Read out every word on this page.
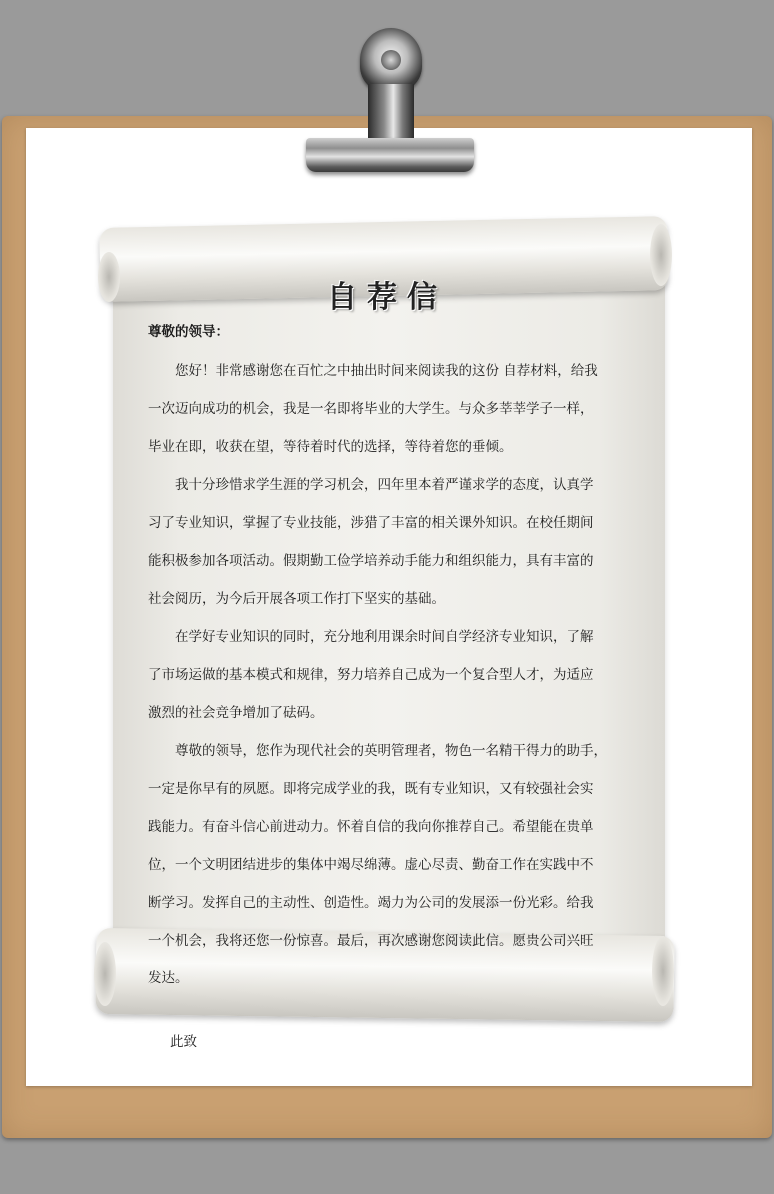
自荐信
尊敬的领导：
　　您好！非常感谢您在百忙之中抽出时间来阅读我的这份 自荐材料，给我
一次迈向成功的机会，我是一名即将毕业的大学生。与众多莘莘学子一样，
毕业在即，收获在望，等待着时代的选择，等待着您的垂倾。
　　我十分珍惜求学生涯的学习机会，四年里本着严谨求学的态度，认真学
习了专业知识，掌握了专业技能，涉猎了丰富的相关课外知识。在校任期间
能积极参加各项活动。假期勤工俭学培养动手能力和组织能力，具有丰富的
社会阅历，为今后开展各项工作打下坚实的基础。
　　在学好专业知识的同时，充分地利用课余时间自学经济专业知识，了解
了市场运做的基本模式和规律，努力培养自己成为一个复合型人才，为适应
激烈的社会竞争增加了砝码。
　　尊敬的领导，您作为现代社会的英明管理者，物色一名精干得力的助手，
一定是你早有的夙愿。即将完成学业的我，既有专业知识，又有较强社会实
践能力。有奋斗信心前进动力。怀着自信的我向你推荐自己。希望能在贵单
位，一个文明团结进步的集体中竭尽绵薄。虚心尽责、勤奋工作在实践中不
断学习。发挥自己的主动性、创造性。竭力为公司的发展添一份光彩。给我
一个机会，我将还您一份惊喜。最后，再次感谢您阅读此信。愿贵公司兴旺
发达。
此致
